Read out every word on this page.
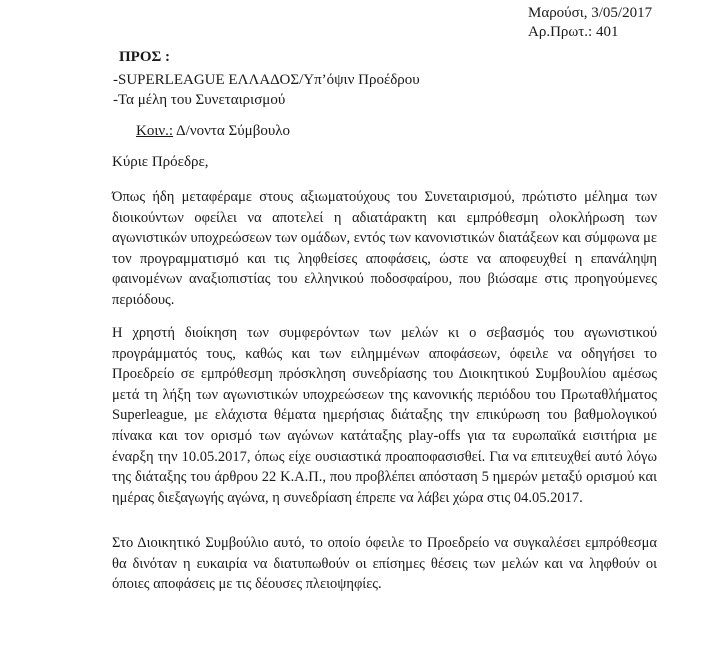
Μαρούσι, 3/05/2017
Αρ.Πρωτ.: 401
ΠΡΟΣ :
-SUPERLEAGUE ΕΛΛΑΔΟΣ/Υπ’όψιν Προέδρου
-Τα μέλη του Συνεταιρισμού
Κοιν.: Δ/νοντα Σύμβουλο
Κύριε Πρόεδρε,
Όπως ήδη μεταφέραμε στους αξιωματούχους του Συνεταιρισμού, πρώτιστο μέλημα των διοικούντων οφείλει να αποτελεί η αδιατάρακτη και εμπρόθεσμη ολοκλήρωση των αγωνιστικών υποχρεώσεων των ομάδων, εντός των κανονιστικών διατάξεων και σύμφωνα με τον προγραμματισμό και τις ληφθείσες αποφάσεις, ώστε να αποφευχθεί η επανάληψη φαινομένων αναξιοπιστίας του ελληνικού ποδοσφαίρου, που βιώσαμε στις προηγούμενες περιόδους.
Η χρηστή διοίκηση των συμφερόντων των μελών κι ο σεβασμός του αγωνιστικού προγράμματός τους, καθώς και των ειλημμένων αποφάσεων, όφειλε να οδηγήσει το Προεδρείο σε εμπρόθεσμη πρόσκληση συνεδρίασης του Διοικητικού Συμβουλίου αμέσως μετά τη λήξη των αγωνιστικών υποχρεώσεων της κανονικής περιόδου του Πρωταθλήματος Superleague, με ελάχιστα θέματα ημερήσιας διάταξης την επικύρωση του βαθμολογικού πίνακα και τον ορισμό των αγώνων κατάταξης play-offs για τα ευρωπαϊκά εισιτήρια με έναρξη την 10.05.2017, όπως είχε ουσιαστικά προαποφασισθεί. Για να επιτευχθεί αυτό λόγω της διάταξης του άρθρου 22 Κ.Α.Π., που προβλέπει απόσταση 5 ημερών μεταξύ ορισμού και ημέρας διεξαγωγής αγώνα, η συνεδρίαση έπρεπε να λάβει χώρα στις 04.05.2017.
Στο Διοικητικό Συμβούλιο αυτό, το οποίο όφειλε το Προεδρείο να συγκαλέσει εμπρόθεσμα θα δινόταν η ευκαιρία να διατυπωθούν οι επίσημες θέσεις των μελών και να ληφθούν οι όποιες αποφάσεις με τις δέουσες πλειοψηφίες.
